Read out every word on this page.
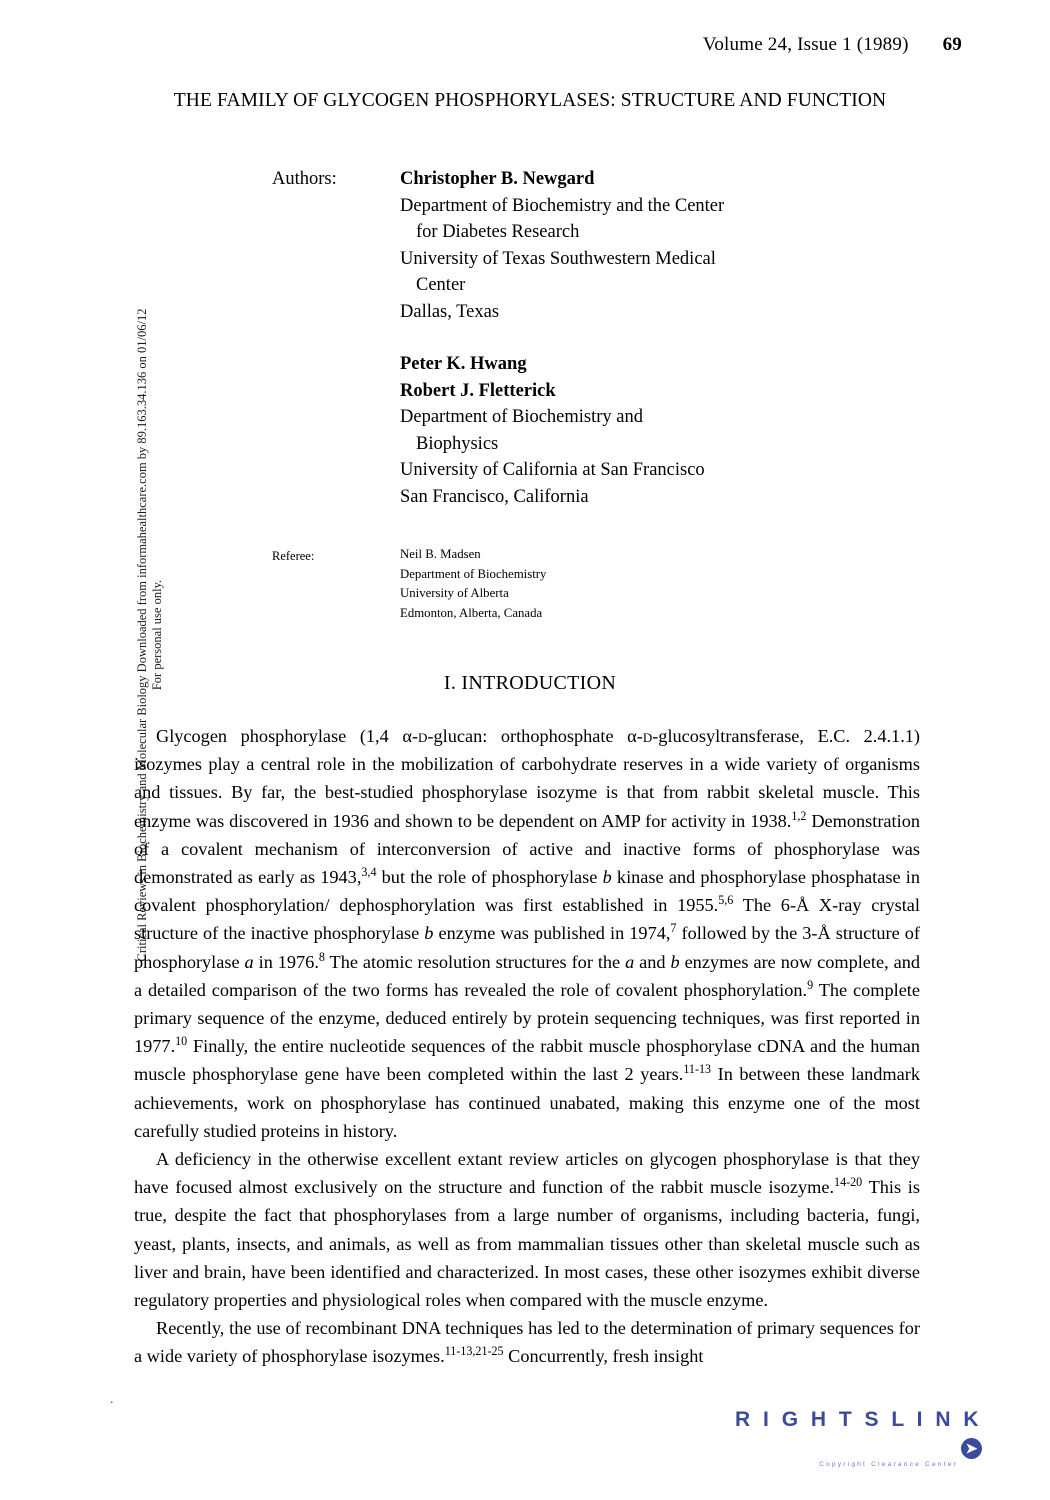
Critical Reviews in Biochemistry and Molecular Biology Downloaded from informahealthcare.com by 89.163.34.136 on 01/06/12 For personal use only.
Volume 24, Issue 1 (1989) 69
THE FAMILY OF GLYCOGEN PHOSPHORYLASES: STRUCTURE AND FUNCTION
Authors:	Christopher B. Newgard
Department of Biochemistry and the Center
for Diabetes Research
University of Texas Southwestern Medical
Center
Dallas, Texas
Peter K. Hwang
Robert J. Fletterick
Department of Biochemistry and
Biophysics
University of California at San Francisco
San Francisco, California
Referee:	Neil B. Madsen
Department of Biochemistry
University of Alberta
Edmonton, Alberta, Canada
I. INTRODUCTION

Glycogen phosphorylase (1,4 α-d-glucan: orthophosphate α-d-glucosyltransferase, E.C. 2.4.1.1) isozymes play a central role in the mobilization of carbohydrate reserves in a wide variety of organisms and tissues. By far, the best-studied phosphorylase isozyme is that from rabbit skeletal muscle. This enzyme was discovered in 1936 and shown to be dependent on AMP for activity in 1938.$^{1,2}$ Demonstration of a covalent mechanism of interconversion of active and inactive forms of phosphorylase was demonstrated as early as 1943,$^{3,4}$ but the role of phosphorylase b kinase and phosphorylase phosphatase in covalent phosphorylation/ dephosphorylation was first established in 1955.$^{5,6}$ The 6-Å X-ray crystal structure of the inactive phosphorylase b enzyme was published in 1974,$^7$ followed by the 3-Å structure of phosphorylase a in 1976.$^8$ The atomic resolution structures for the a and b enzymes are now complete, and a detailed comparison of the two forms has revealed the role of covalent phosphorylation.$^9$ The complete primary sequence of the enzyme, deduced entirely by protein sequencing techniques, was first reported in 1977.10 Finally, the entire nucleotide sequences of the rabbit muscle phosphorylase cDNA and the human muscle phosphorylase gene have been completed within the last 2 years.$^{11-13}$ In between these landmark achievements, work on phosphorylase has continued unabated, making this enzyme one of the most carefully studied proteins in history.

A deficiency in the otherwise excellent extant review articles on glycogen phosphorylase is that they have focused almost exclusively on the structure and function of the rabbit muscle isozyme.$^{14-20}$ This is true, despite the fact that phosphorylases from a large number of organisms, including bacteria, fungi, yeast, plants, insects, and animals, as well as from mammalian tissues other than skeletal muscle such as liver and brain, have been identified and characterized. In most cases, these other isozymes exhibit diverse regulatory properties and physiological roles when compared with the muscle enzyme.

Recently, the use of recombinant DNA techniques has led to the determination of primary sequences for a wide variety of phosphorylase isozymes.$^{11-13,21-25}$ Concurrently, fresh insight

.
R I G H T S L I N K➤
Copyright Clearance Center
